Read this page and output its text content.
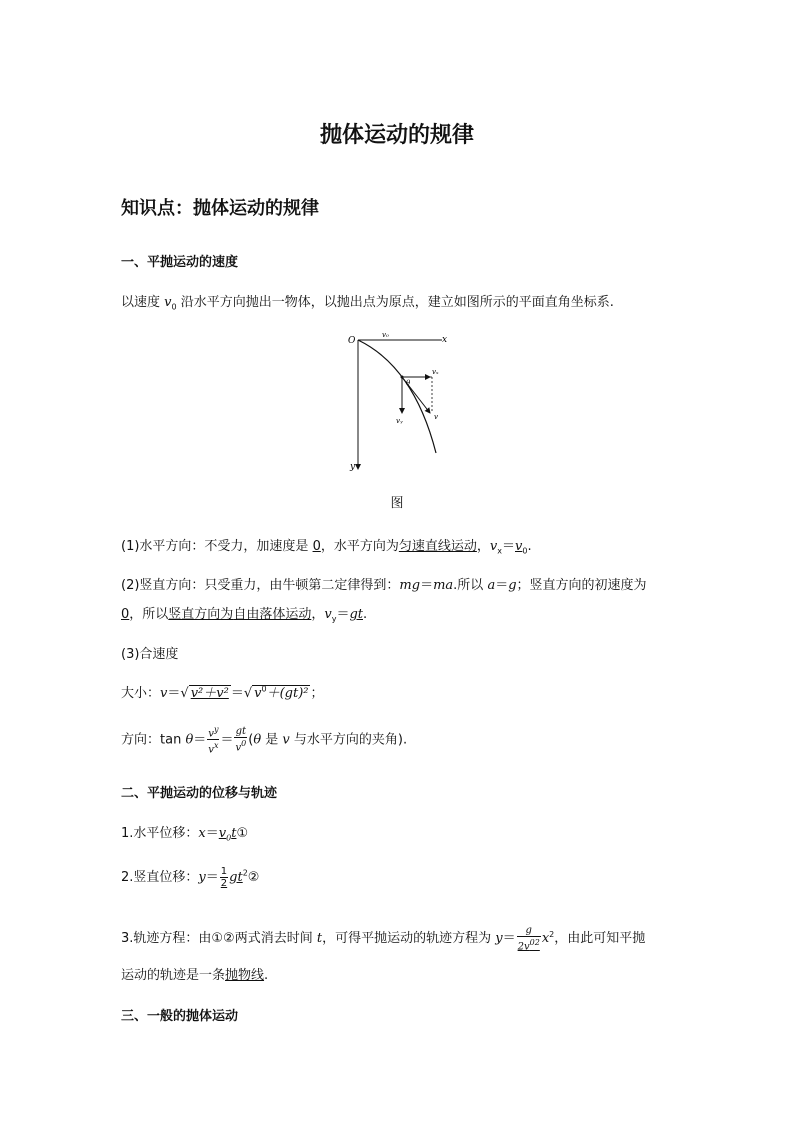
抛体运动的规律
知识点：抛体运动的规律
一、平抛运动的速度
以速度 $v_0$ 沿水平方向抛出一物体，以抛出点为原点，建立如图所示的平面直角坐标系.
O	x
y
v₀
vₓ
vᵧ	v
θ
图
(1)水平方向：不受力，加速度是 0，水平方向为匀速直线运动，$v_x=v_0$.
(2)竖直方向：只受重力，由牛顿第二定律得到：mg＝ma.所以 a＝g；竖直方向的初速度为
0，所以竖直方向为自由落体运动，$v_y=gt$.
(3)合速度
大小：v＝√ v²＋v² ＝√ $v^0+(gt)^2$ ；
方向：$\tan \theta= \frac{v^y}{v^x} = \frac{gt}{v^0} (\theta$ 是 v 与水平方向的夹角).
二、平抛运动的位移与轨迹
1.水平位移：$x=v_0t①$
2.竖直位移：$y= \frac{1}{2}$ $gt^2②$
3.轨迹方程：由①②两式消去时间 t，可得平抛运动的轨迹方程为 $y= \frac{g}{2v^{02}} x^2$，由此可知平抛
运动的轨迹是一条抛物线.
三、一般的抛体运动
